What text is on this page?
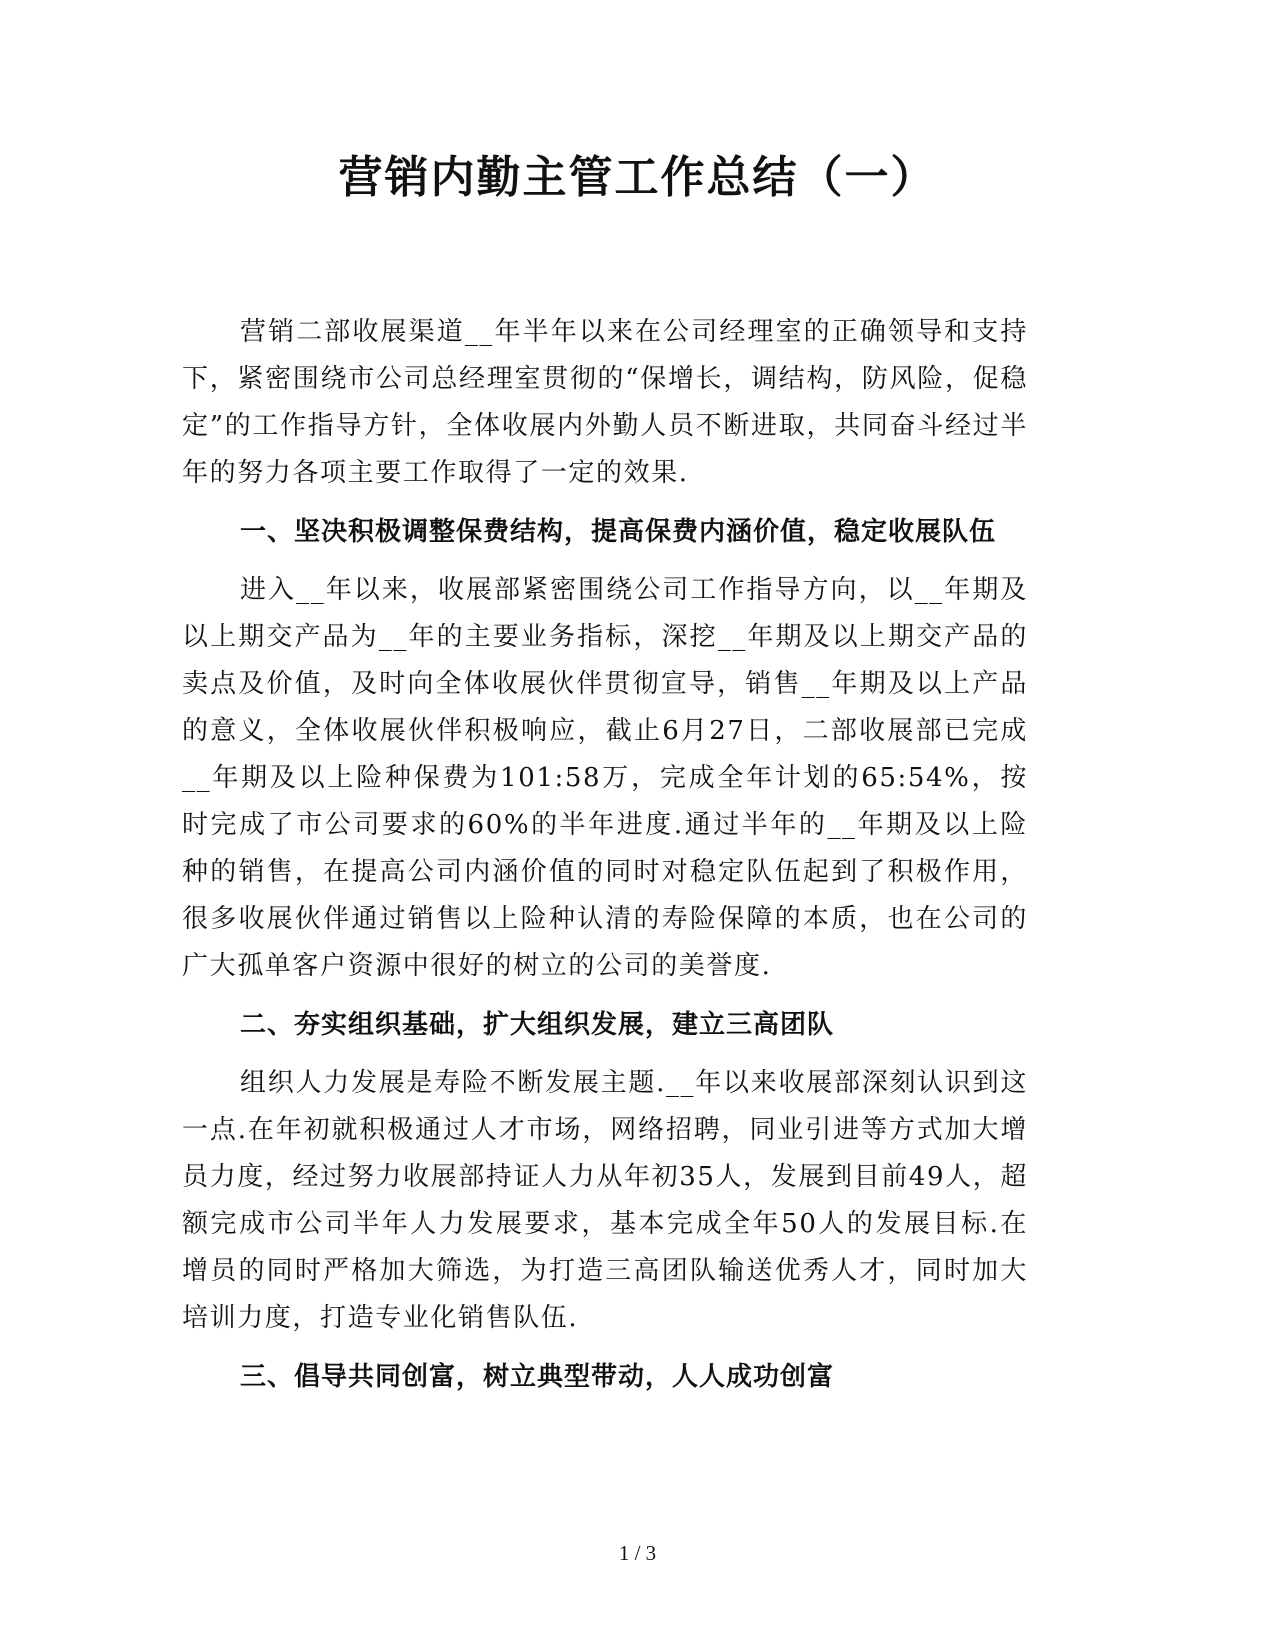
营销内勤主管工作总结（一）

营销二部收展渠道__年半年以来在公司经理室的正确领导和支持下，紧密围绕市公司总经理室贯彻的“保增长，调结构，防风险，促稳定”的工作指导方针，全体收展内外勤人员不断进取，共同奋斗经过半年的努力各项主要工作取得了一定的效果.

一、坚决积极调整保费结构，提高保费内涵价值，稳定收展队伍

进入__年以来，收展部紧密围绕公司工作指导方向，以__年期及以上期交产品为__年的主要业务指标，深挖__年期及以上期交产品的卖点及价值，及时向全体收展伙伴贯彻宣导，销售__年期及以上产品的意义，全体收展伙伴积极响应，截止6月27日，二部收展部已完成__年期及以上险种保费为101:58万，完成全年计划的65:54%，按时完成了市公司要求的60%的半年进度.通过半年的__年期及以上险种的销售，在提高公司内涵价值的同时对稳定队伍起到了积极作用，很多收展伙伴通过销售以上险种认清的寿险保障的本质，也在公司的广大孤单客户资源中很好的树立的公司的美誉度.

二、夯实组织基础，扩大组织发展，建立三高团队

组织人力发展是寿险不断发展主题.__年以来收展部深刻认识到这一点.在年初就积极通过人才市场，网络招聘，同业引进等方式加大增员力度，经过努力收展部持证人力从年初35人，发展到目前49人，超额完成市公司半年人力发展要求，基本完成全年50人的发展目标.在增员的同时严格加大筛选，为打造三高团队输送优秀人才，同时加大培训力度，打造专业化销售队伍.

三、倡导共同创富，树立典型带动，人人成功创富

1 / 3
